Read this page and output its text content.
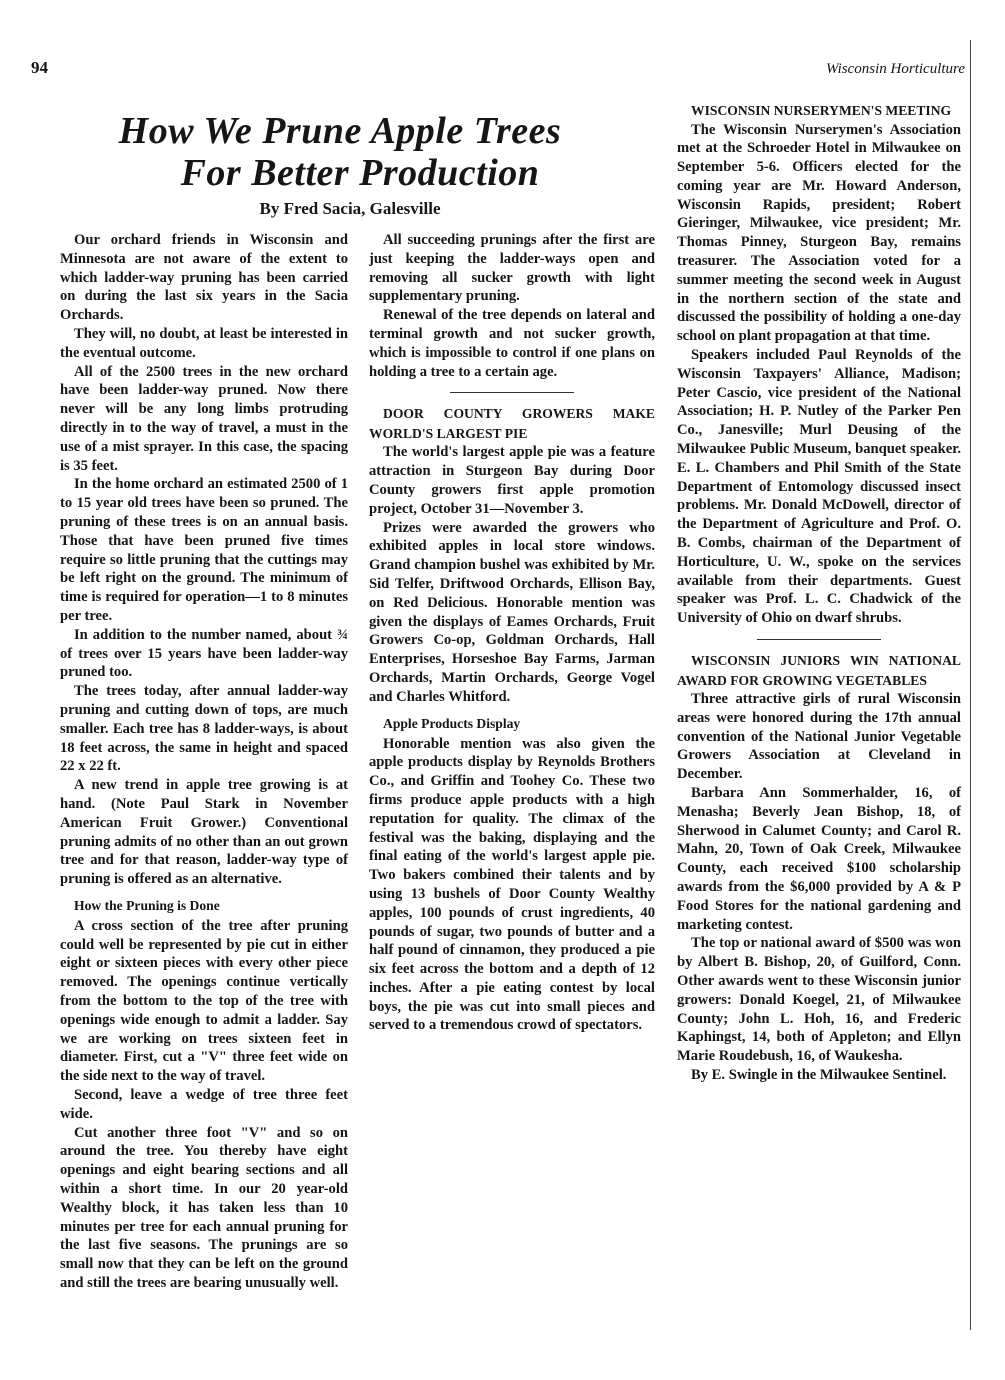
94	Wisconsin Horticulture
How We Prune Apple Trees
For Better Production
By Fred Sacia, Galesville

Our orchard friends in Wisconsin and Minnesota are not aware of the extent to which ladder-way pruning has been carried on during the last six years in the Sacia Orchards.

They will, no doubt, at least be interested in the eventual outcome.

All of the 2500 trees in the new orchard have been ladder-way pruned. Now there never will be any long limbs protruding directly in to the way of travel, a must in the use of a mist sprayer. In this case, the spacing is 35 feet.

In the home orchard an estimated 2500 of 1 to 15 year old trees have been so pruned. The pruning of these trees is on an annual basis. Those that have been pruned five times require so little pruning that the cuttings may be left right on the ground. The minimum of time is required for operation—1 to 8 minutes per tree.

In addition to the number named, about ¾ of trees over 15 years have been ladder-way pruned too.

The trees today, after annual ladder-way pruning and cutting down of tops, are much smaller. Each tree has 8 ladder-ways, is about 18 feet across, the same in height and spaced 22 x 22 ft.

A new trend in apple tree growing is at hand. (Note Paul Stark in November American Fruit Grower.) Conventional pruning admits of no other than an out grown tree and for that reason, ladder-way type of pruning is offered as an alternative.

How the Pruning is Done

A cross section of the tree after pruning could well be represented by pie cut in either eight or sixteen pieces with every other piece removed. The openings continue vertically from the bottom to the top of the tree with openings wide enough to admit a ladder. Say we are working on trees sixteen feet in diameter. First, cut a "V" three feet wide on the side next to the way of travel.

Second, leave a wedge of tree three feet wide.

Cut another three foot "V" and so on around the tree. You thereby have eight openings and eight bearing sections and all within a short time. In our 20 year-old Wealthy block, it has taken less than 10 minutes per tree for each annual pruning for the last five seasons. The prunings are so small now that they can be left on the ground and still the trees are bearing unusually well.

All succeeding prunings after the first are just keeping the ladder-ways open and removing all sucker growth with light supplementary pruning.

Renewal of the tree depends on lateral and terminal growth and not sucker growth, which is impossible to control if one plans on holding a tree to a certain age.

DOOR COUNTY GROWERS MAKE WORLD'S LARGEST PIE

The world's largest apple pie was a feature attraction in Sturgeon Bay during Door County growers first apple promotion project, October 31—November 3.

Prizes were awarded the growers who exhibited apples in local store windows. Grand champion bushel was exhibited by Mr. Sid Telfer, Driftwood Orchards, Ellison Bay, on Red Delicious. Honorable mention was given the displays of Eames Orchards, Fruit Growers Co-op, Goldman Orchards, Hall Enterprises, Horseshoe Bay Farms, Jarman Orchards, Martin Orchards, George Vogel and Charles Whitford.

Apple Products Display

Honorable mention was also given the apple products display by Reynolds Brothers Co., and Griffin and Toohey Co. These two firms produce apple products with a high reputation for quality. The climax of the festival was the baking, displaying and the final eating of the world's largest apple pie. Two bakers combined their talents and by using 13 bushels of Door County Wealthy apples, 100 pounds of crust ingredients, 40 pounds of sugar, two pounds of butter and a half pound of cinnamon, they produced a pie six feet across the bottom and a depth of 12 inches. After a pie eating contest by local boys, the pie was cut into small pieces and served to a tremendous crowd of spectators.

WISCONSIN NURSERYMEN'S MEETING

The Wisconsin Nurserymen's Association met at the Schroeder Hotel in Milwaukee on September 5-6. Officers elected for the coming year are Mr. Howard Anderson, Wisconsin Rapids, president; Robert Gieringer, Milwaukee, vice president; Mr. Thomas Pinney, Sturgeon Bay, remains treasurer. The Association voted for a summer meeting the second week in August in the northern section of the state and discussed the possibility of holding a one-day school on plant propagation at that time.

Speakers included Paul Reynolds of the Wisconsin Taxpayers' Alliance, Madison; Peter Cascio, vice president of the National Association; H. P. Nutley of the Parker Pen Co., Janesville; Murl Deusing of the Milwaukee Public Museum, banquet speaker. E. L. Chambers and Phil Smith of the State Department of Entomology discussed insect problems. Mr. Donald McDowell, director of the Department of Agriculture and Prof. O. B. Combs, chairman of the Department of Horticulture, U. W., spoke on the services available from their departments. Guest speaker was Prof. L. C. Chadwick of the University of Ohio on dwarf shrubs.

WISCONSIN JUNIORS WIN NATIONAL AWARD FOR GROWING VEGETABLES

Three attractive girls of rural Wisconsin areas were honored during the 17th annual convention of the National Junior Vegetable Growers Association at Cleveland in December.

Barbara Ann Sommerhalder, 16, of Menasha; Beverly Jean Bishop, 18, of Sherwood in Calumet County; and Carol R. Mahn, 20, Town of Oak Creek, Milwaukee County, each received $100 scholarship awards from the $6,000 provided by A & P Food Stores for the national gardening and marketing contest.

The top or national award of $500 was won by Albert B. Bishop, 20, of Guilford, Conn. Other awards went to these Wisconsin junior growers: Donald Koegel, 21, of Milwaukee County; John L. Hoh, 16, and Frederic Kaphingst, 14, both of Appleton; and Ellyn Marie Roudebush, 16, of Waukesha.

By E. Swingle in the Milwaukee Sentinel.
